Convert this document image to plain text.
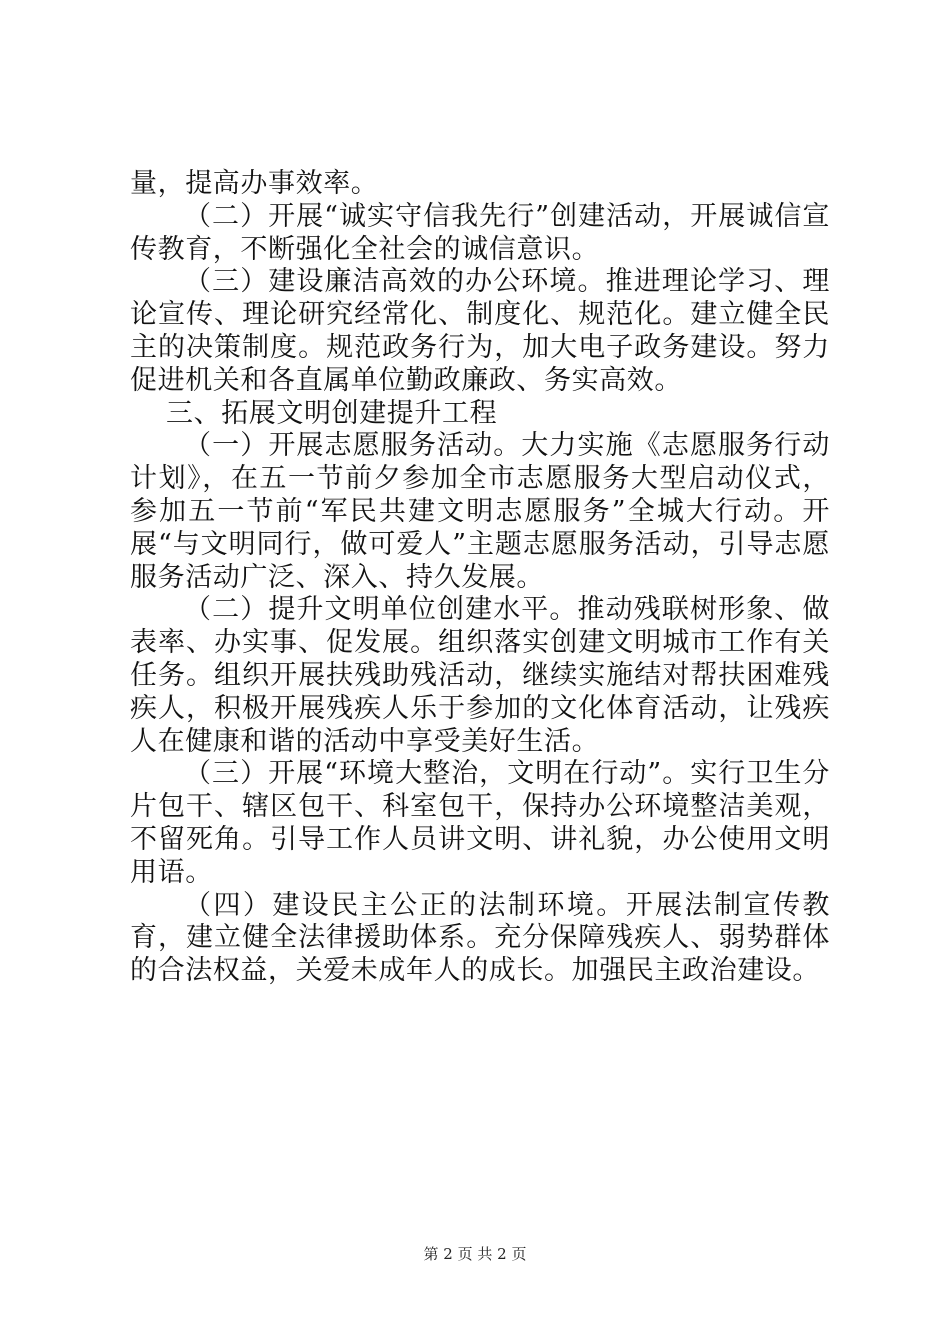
量，提高办事效率。

（二）开展“诚实守信我先行”创建活动，开展诚信宣传教育，不断强化全社会的诚信意识。

（三）建设廉洁高效的办公环境。推进理论学习、理论宣传、理论研究经常化、制度化、规范化。建立健全民主的决策制度。规范政务行为，加大电子政务建设。努力促进机关和各直属单位勤政廉政、务实高效。

三、拓展文明创建提升工程

（一）开展志愿服务活动。大力实施《志愿服务行动计划》，在五一节前夕参加全市志愿服务大型启动仪式，参加五一节前“军民共建文明志愿服务”全城大行动。开展“与文明同行，做可爱人”主题志愿服务活动，引导志愿服务活动广泛、深入、持久发展。

（二）提升文明单位创建水平。推动残联树形象、做表率、办实事、促发展。组织落实创建文明城市工作有关任务。组织开展扶残助残活动，继续实施结对帮扶困难残疾人，积极开展残疾人乐于参加的文化体育活动，让残疾人在健康和谐的活动中享受美好生活。

（三）开展“环境大整治，文明在行动”。实行卫生分片包干、辖区包干、科室包干，保持办公环境整洁美观，不留死角。引导工作人员讲文明、讲礼貌，办公使用文明用语。

（四）建设民主公正的法制环境。开展法制宣传教育，建立健全法律援助体系。充分保障残疾人、弱势群体的合法权益，关爱未成年人的成长。加强民主政治建设。

第 2 页 共 2 页
